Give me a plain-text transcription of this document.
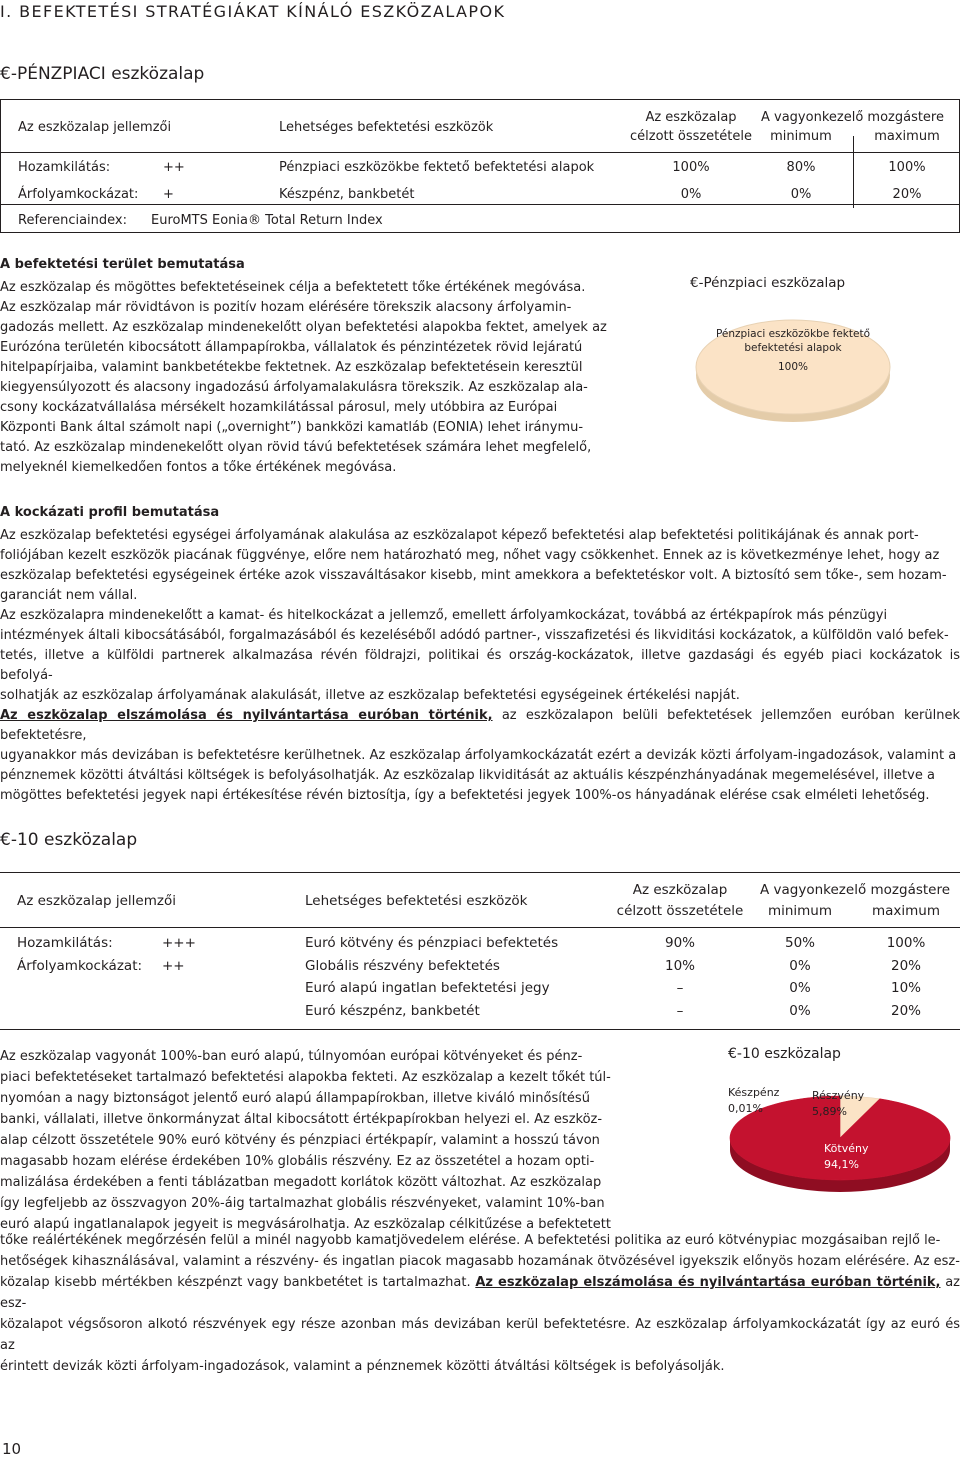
I. BEFEKTETÉSI STRATÉGIÁKAT KÍNÁLÓ ESZKÖZALAPOK
€-PÉNZPIACI eszközalap
Az eszközalap jellemzői	Lehetséges befektetési eszközök
Az eszközalap
célzott összetétele
A vagyonkezelő mozgástere
minimum	maximum
Hozamkilátás:	++	Pénzpiaci eszközökbe fektető befektetési alapok	100%	80%	100%
Árfolyamkockázat: +	Készpénz, bankbetét	0%	0%	20%
Referenciaindex: EuroMTS Eonia® Total Return Index
A befektetési terület bemutatása

Az eszközalap és mögöttes befektetéseinek célja a befektetett tőke értékének megóvása.

Az eszközalap már rövidtávon is pozitív hozam elérésére törekszik alacsony árfolyamin-

gadozás mellett. Az eszközalap mindenekelőtt olyan befektetési alapokba fektet, amelyek az

Eurózóna területén kibocsátott állampapírokba, vállalatok és pénzintézetek rövid lejáratú

hitelpapírjaiba, valamint bankbetétekbe fektetnek. Az eszközalap befektetésein keresztül

kiegyensúlyozott és alacsony ingadozású árfolyamalakulásra törekszik. Az eszközalap ala-

csony kockázatvállalása mérsékelt hozamkilátással párosul, mely utóbbira az Európai

Központi Bank által számolt napi („overnight”) bankközi kamatláb (EONIA) lehet iránymu-

tató. Az eszközalap mindenekelőtt olyan rövid távú befektetések számára lehet megfelelő,

melyeknél kiemelkedően fontos a tőke értékének megóvása.

€-Pénzpiaci eszközalap
Pénzpiaci eszközökbe fektető
befektetési alapok
100%
A kockázati profil bemutatása

Az eszközalap befektetési egységei árfolyamának alakulása az eszközalapot képező befektetési alap befektetési politikájának és annak port-

foliójában kezelt eszközök piacának függvénye, előre nem határozható meg, nőhet vagy csökkenhet. Ennek az is következménye lehet, hogy az

eszközalap befektetési egységeinek értéke azok visszaváltásakor kisebb, mint amekkora a befektetéskor volt. A biztosító sem tőke-, sem hozam-

garanciát nem vállal.

Az eszközalapra mindenekelőtt a kamat- és hitelkockázat a jellemző, emellett árfolyamkockázat, továbbá az értékpapírok más pénzügyi

intézmények általi kibocsátásából, forgalmazásából és kezeléséből adódó partner-, visszafizetési és likviditási kockázatok, a külföldön való befek-

tetés, illetve a külföldi partnerek alkalmazása révén földrajzi, politikai és ország-kockázatok, illetve gazdasági és egyéb piaci kockázatok is befolyá-

solhatják az eszközalap árfolyamának alakulását, illetve az eszközalap befektetési egységeinek értékelési napját.

Az eszközalap elszámolása és nyilvántartása euróban történik, az eszközalapon belüli befektetések jellemzően euróban kerülnek befektetésre,

ugyanakkor más devizában is befektetésre kerülhetnek. Az eszközalap árfolyamkockázatát ezért a devizák közti árfolyam-ingadozások, valamint a

pénznemek közötti átváltási költségek is befolyásolhatják. Az eszközalap likviditását az aktuális készpénzhányadának megemelésével, illetve a

mögöttes befektetési jegyek napi értékesítése révén biztosítja, így a befektetési jegyek 100%-os hányadának elérése csak elméleti lehetőség.

€-10 eszközalap
Az eszközalap jellemzői	Lehetséges befektetési eszközök
Az eszközalap
célzott összetétele
A vagyonkezelő mozgástere
minimum	maximum
Hozamkilátás:	+++	Euró kötvény és pénzpiaci befektetés	90%	50%	100%
Árfolyamkockázat: ++	Globális részvény befektetés	10%	0%	20%
Euró alapú ingatlan befektetési jegy	–	0%	10%
Euró készpénz, bankbetét	–	0%	20%

Az eszközalap vagyonát 100%-ban euró alapú, túlnyomóan európai kötvényeket és pénz-

piaci befektetéseket tartalmazó befektetési alapokba fekteti. Az eszközalap a kezelt tőkét túl-

nyomóan a nagy biztonságot jelentő euró alapú állampapírokban, illetve kiváló minősítésű

banki, vállalati, illetve önkormányzat által kibocsátott értékpapírokban helyezi el. Az eszköz-

alap célzott összetétele 90% euró kötvény és pénzpiaci értékpapír, valamint a hosszú távon

magasabb hozam elérése érdekében 10% globális részvény. Ez az összetétel a hozam opti-

malizálása érdekében a fenti táblázatban megadott korlátok között változhat. Az eszközalap

így legfeljebb az összvagyon 20%-áig tartalmazhat globális részvényeket, valamint 10%-ban

euró alapú ingatlanalapok jegyeit is megvásárolhatja. Az eszközalap célkitűzése a befektetett

tőke reálértékének megőrzésén felül a minél nagyobb kamatjövedelem elérése. A befektetési politika az euró kötvénypiac mozgásaiban rejlő le-

hetőségek kihasználásával, valamint a részvény- és ingatlan piacok magasabb hozamának ötvözésével igyekszik előnyös hozam elérésére. Az esz-

közalap kisebb mértékben készpénzt vagy bankbetétet is tartalmazhat. Az eszközalap elszámolása és nyilvántartása euróban történik, az esz-

közalapot végsősoron alkotó részvények egy része azonban más devizában kerül befektetésre. Az eszközalap árfolyamkockázatát így az euró és az

érintett devizák közti árfolyam-ingadozások, valamint a pénznemek közötti átváltási költségek is befolyásolják.

€-10 eszközalap
Készpénz
0,01%
Részvény
5,89%
Kötvény
94,1%
10
